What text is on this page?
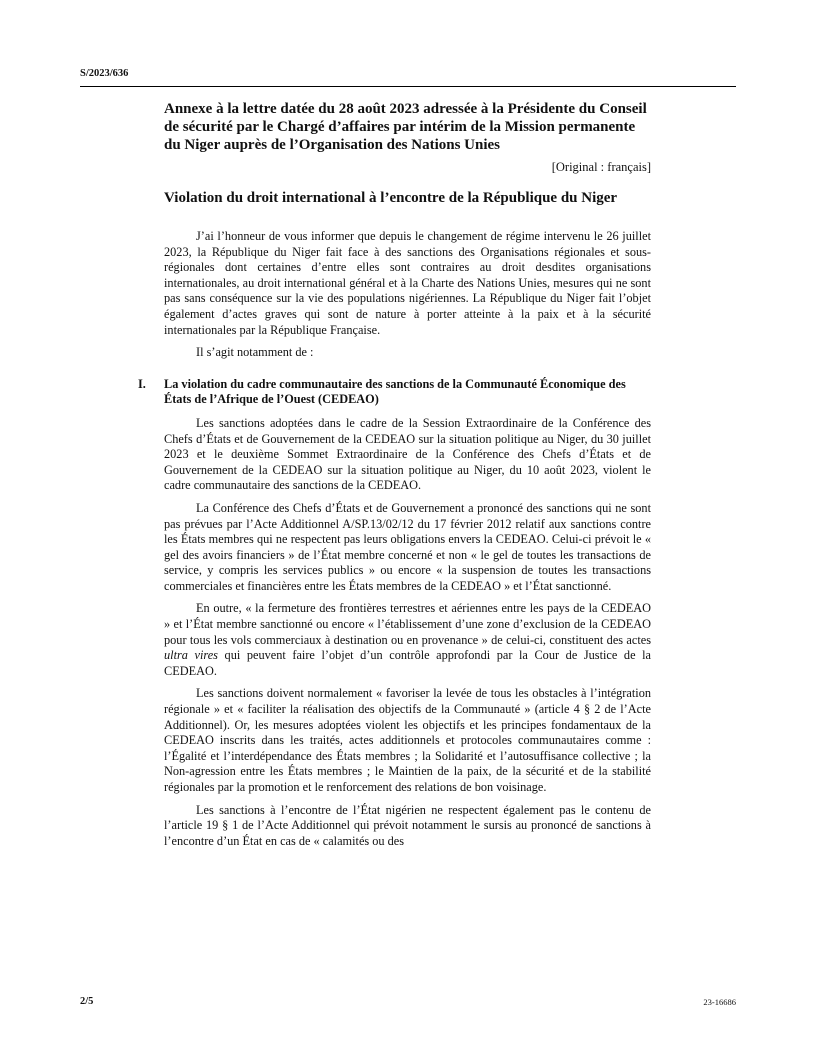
S/2023/636
Annexe à la lettre datée du 28 août 2023 adressée à la Présidente du Conseil de sécurité par le Chargé d’affaires par intérim de la Mission permanente du Niger auprès de l’Organisation des Nations Unies
[Original : français]
Violation du droit international à l’encontre de la République du Niger

J’ai l’honneur de vous informer que depuis le changement de régime intervenu le 26 juillet 2023, la République du Niger fait face à des sanctions des Organisations régionales et sous-régionales dont certaines d’entre elles sont contraires au droit desdites organisations internationales, au droit international général et à la Charte des Nations Unies, mesures qui ne sont pas sans conséquence sur la vie des populations nigériennes. La République du Niger fait l’objet également d’actes graves qui sont de nature à porter atteinte à la paix et à la sécurité internationales par la République Française.

Il s’agit notamment de :

I. La violation du cadre communautaire des sanctions de la Communauté Économique des États de l’Afrique de l’Ouest (CEDEAO)

Les sanctions adoptées dans le cadre de la Session Extraordinaire de la Conférence des Chefs d’États et de Gouvernement de la CEDEAO sur la situation politique au Niger, du 30 juillet 2023 et le deuxième Sommet Extraordinaire de la Conférence des Chefs d’États et de Gouvernement de la CEDEAO sur la situation politique au Niger, du 10 août 2023, violent le cadre communautaire des sanctions de la CEDEAO.

La Conférence des Chefs d’États et de Gouvernement a prononcé des sanctions qui ne sont pas prévues par l’Acte Additionnel A/SP.13/02/12 du 17 février 2012 relatif aux sanctions contre les États membres qui ne respectent pas leurs obligations envers la CEDEAO. Celui-ci prévoit le « gel des avoirs financiers » de l’État membre concerné et non « le gel de toutes les transactions de service, y compris les services publics » ou encore « la suspension de toutes les transactions commerciales et financières entre les États membres de la CEDEAO » et l’État sanctionné.

En outre, « la fermeture des frontières terrestres et aériennes entre les pays de la CEDEAO » et l’État membre sanctionné ou encore « l’établissement d’une zone d’exclusion de la CEDEAO pour tous les vols commerciaux à destination ou en provenance » de celui-ci, constituent des actes ultra vires qui peuvent faire l’objet d’un contrôle approfondi par la Cour de Justice de la CEDEAO.

Les sanctions doivent normalement « favoriser la levée de tous les obstacles à l’intégration régionale » et « faciliter la réalisation des objectifs de la Communauté » (article 4 § 2 de l’Acte Additionnel). Or, les mesures adoptées violent les objectifs et les principes fondamentaux de la CEDEAO inscrits dans les traités, actes additionnels et protocoles communautaires comme : l’Égalité et l’interdépendance des États membres ; la Solidarité et l’autosuffisance collective ; la Non-agression entre les États membres ; le Maintien de la paix, de la sécurité et de la stabilité régionales par la promotion et le renforcement des relations de bon voisinage.

Les sanctions à l’encontre de l’État nigérien ne respectent également pas le contenu de l’article 19 § 1 de l’Acte Additionnel qui prévoit notamment le sursis au prononcé de sanctions à l’encontre d’un État en cas de « calamités ou des

2/5	23-16686
